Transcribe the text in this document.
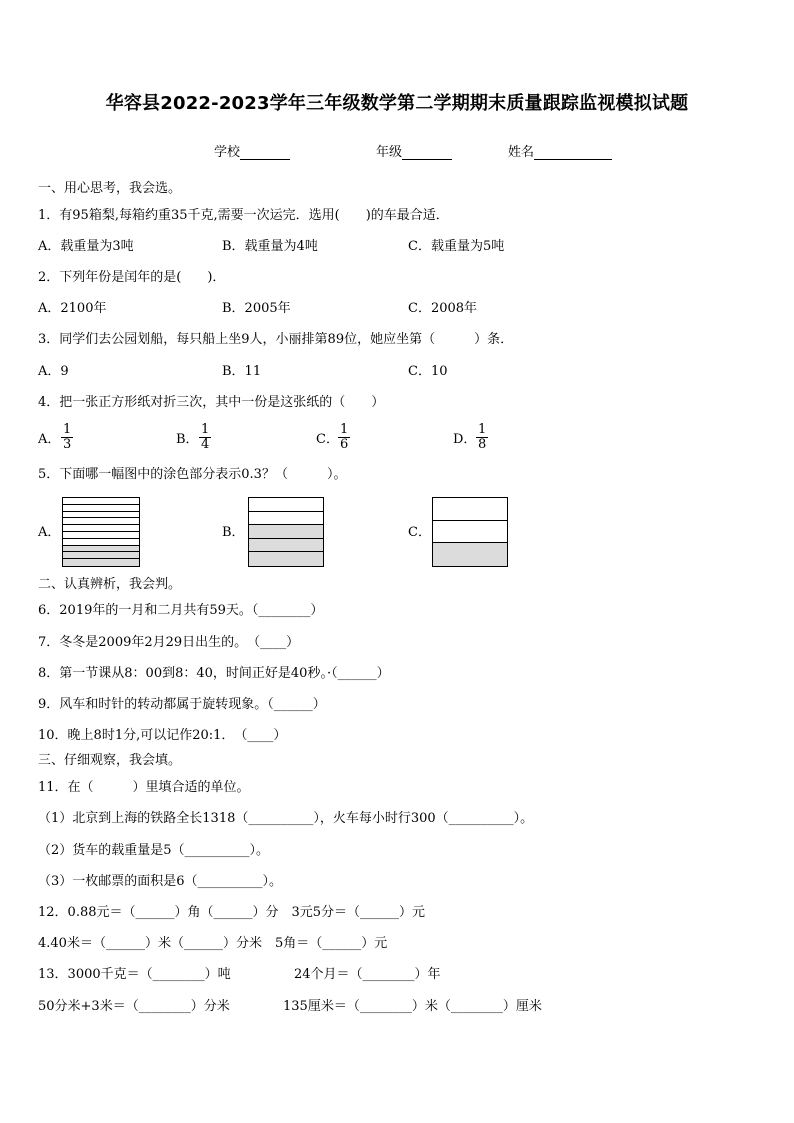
华容县2022-2023学年三年级数学第二学期期末质量跟踪监视模拟试题
学校	年级	姓名
一、用心思考，我会选。
1．有95箱梨,每箱约重35千克,需要一次运完．选用(　　)的车最合适．
A．载重量为3吨	B．载重量为4吨	C．载重量为5吨
2．下列年份是闰年的是(　　)．
A．2100年	B．2005年	C．2008年
3．同学们去公园划船，每只船上坐9人，小丽排第89位，她应坐第（　　　）条．
A．9	B．11	C．10
4．把一张正方形纸对折三次，其中一份是这张纸的（　　）
A． $\frac{1}{3}$	B． $\frac{1}{4}$	C． $\frac{1}{6}$	D． $\frac{1}{8}$
5．下面哪一幅图中的涂色部分表示0.3？（　　　）。
A．	B．	C．
二、认真辨析，我会判。
6．2019年的一月和二月共有59天。（________）
7．冬冬是2009年2月29日出生的。　（____）
8．第一节课从8：00到8：40，时间正好是40秒。·（______）
9．风车和时针的转动都属于旋转现象。（______）
10．晚上8时1分,可以记作20:1．　（____）
三、仔细观察，我会填。
11．在（　　　）里填合适的单位。
（1）北京到上海的铁路全长1318（__________），火车每小时行300（__________）。
（2）货车的载重量是5（__________）。
（3）一枚邮票的面积是6（__________）。
12．0.88元＝（______）角（______）分　3元5分＝（______）元
4.40米＝（______）米（______）分米　5角＝（______）元
13．3000千克＝（________）吨	24个月＝（________）年
50分米+3米＝（________）分米	135厘米＝（________）米（________）厘米
